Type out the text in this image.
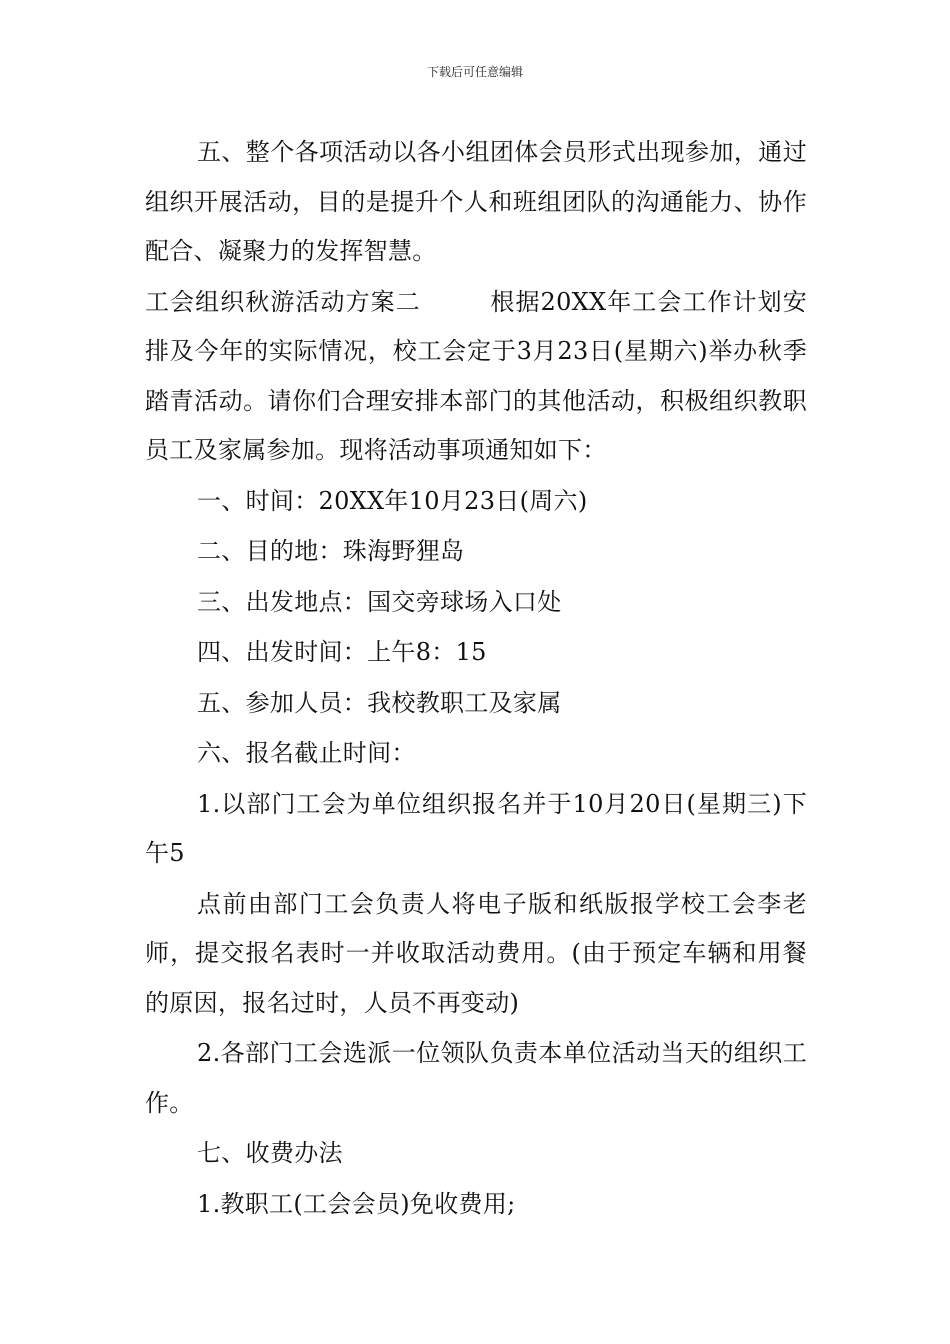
下载后可任意编辑

五、整个各项活动以各小组团体会员形式出现参加，通过组织开展活动，目的是提升个人和班组团队的沟通能力、协作配合、凝聚力的发挥智慧。

工会组织秋游活动方案二        根据20XX年工会工作计划安排及今年的实际情况，校工会定于3月23日(星期六)举办秋季踏青活动。请你们合理安排本部门的其他活动，积极组织教职员工及家属参加。现将活动事项通知如下：

一、时间：20XX年10月23日(周六)

二、目的地：珠海野狸岛

三、出发地点：国交旁球场入口处

四、出发时间：上午8：15

五、参加人员：我校教职工及家属

六、报名截止时间：

1.以部门工会为单位组织报名并于10月20日(星期三)下午5

点前由部门工会负责人将电子版和纸版报学校工会李老师，提交报名表时一并收取活动费用。(由于预定车辆和用餐的原因，报名过时，人员不再变动)

2.各部门工会选派一位领队负责本单位活动当天的组织工作。

七、收费办法

1.教职工(工会会员)免收费用;
